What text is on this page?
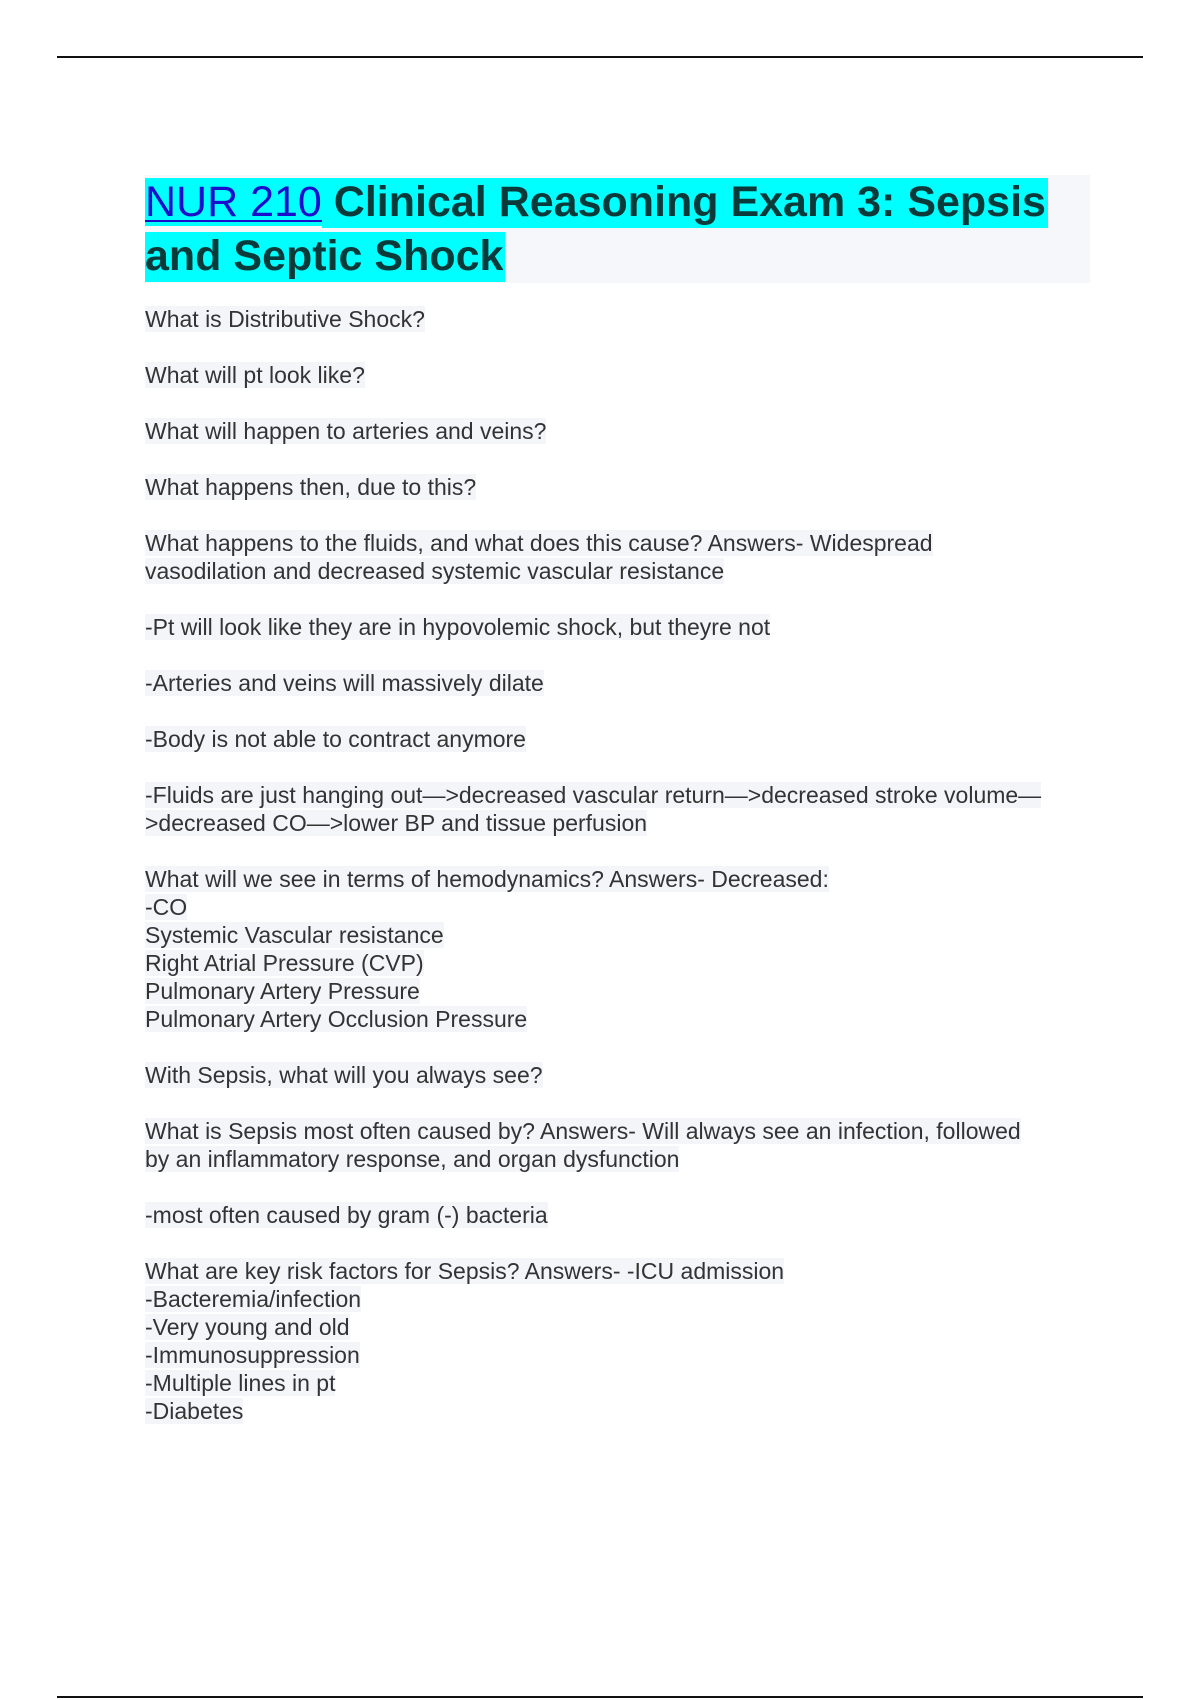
NUR 210 Clinical Reasoning Exam 3: Sepsis
and Septic Shock
What is Distributive Shock?
What will pt look like?
What will happen to arteries and veins?
What happens then, due to this?
What happens to the fluids, and what does this cause? Answers- Widespread
vasodilation and decreased systemic vascular resistance
-Pt will look like they are in hypovolemic shock, but theyre not
-Arteries and veins will massively dilate
-Body is not able to contract anymore
-Fluids are just hanging out—>decreased vascular return—>decreased stroke volume—
>decreased CO—>lower BP and tissue perfusion
What will we see in terms of hemodynamics? Answers- Decreased:
-CO
Systemic Vascular resistance
Right Atrial Pressure (CVP)
Pulmonary Artery Pressure
Pulmonary Artery Occlusion Pressure
With Sepsis, what will you always see?
What is Sepsis most often caused by? Answers- Will always see an infection, followed
by an inflammatory response, and organ dysfunction
-most often caused by gram (-) bacteria
What are key risk factors for Sepsis? Answers- -ICU admission
-Bacteremia/infection
-Very young and old
-Immunosuppression
-Multiple lines in pt
-Diabetes
